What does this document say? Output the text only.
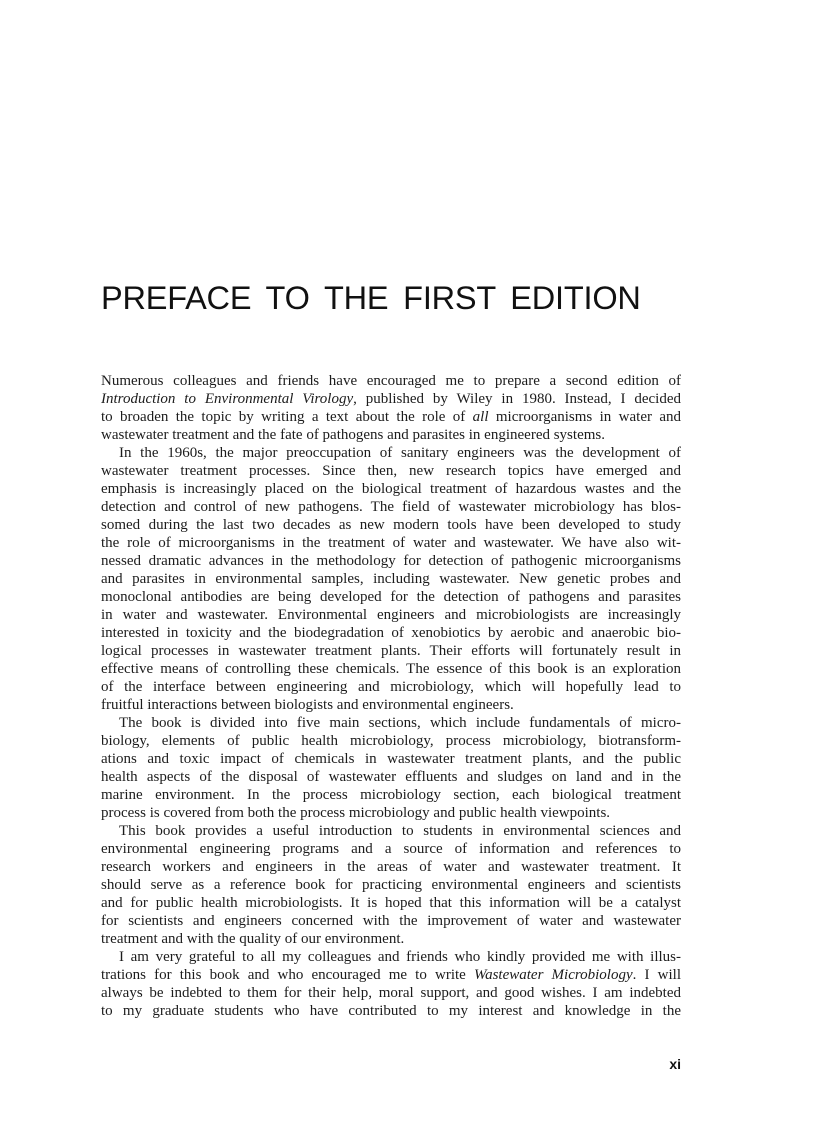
PREFACE TO THE FIRST EDITION
Numerous colleagues and friends have encouraged me to prepare a second edition of
Introduction to Environmental Virology, published by Wiley in 1980. Instead, I decided
to broaden the topic by writing a text about the role of all microorganisms in water and
wastewater treatment and the fate of pathogens and parasites in engineered systems.
In the 1960s, the major preoccupation of sanitary engineers was the development of
wastewater treatment processes. Since then, new research topics have emerged and
emphasis is increasingly placed on the biological treatment of hazardous wastes and the
detection and control of new pathogens. The field of wastewater microbiology has blos-
somed during the last two decades as new modern tools have been developed to study
the role of microorganisms in the treatment of water and wastewater. We have also wit-
nessed dramatic advances in the methodology for detection of pathogenic microorganisms
and parasites in environmental samples, including wastewater. New genetic probes and
monoclonal antibodies are being developed for the detection of pathogens and parasites
in water and wastewater. Environmental engineers and microbiologists are increasingly
interested in toxicity and the biodegradation of xenobiotics by aerobic and anaerobic bio-
logical processes in wastewater treatment plants. Their efforts will fortunately result in
effective means of controlling these chemicals. The essence of this book is an exploration
of the interface between engineering and microbiology, which will hopefully lead to
fruitful interactions between biologists and environmental engineers.
The book is divided into five main sections, which include fundamentals of micro-
biology, elements of public health microbiology, process microbiology, biotransform-
ations and toxic impact of chemicals in wastewater treatment plants, and the public
health aspects of the disposal of wastewater effluents and sludges on land and in the
marine environment. In the process microbiology section, each biological treatment
process is covered from both the process microbiology and public health viewpoints.
This book provides a useful introduction to students in environmental sciences and
environmental engineering programs and a source of information and references to
research workers and engineers in the areas of water and wastewater treatment. It
should serve as a reference book for practicing environmental engineers and scientists
and for public health microbiologists. It is hoped that this information will be a catalyst
for scientists and engineers concerned with the improvement of water and wastewater
treatment and with the quality of our environment.
I am very grateful to all my colleagues and friends who kindly provided me with illus-
trations for this book and who encouraged me to write Wastewater Microbiology. I will
always be indebted to them for their help, moral support, and good wishes. I am indebted
to my graduate students who have contributed to my interest and knowledge in the
xi
